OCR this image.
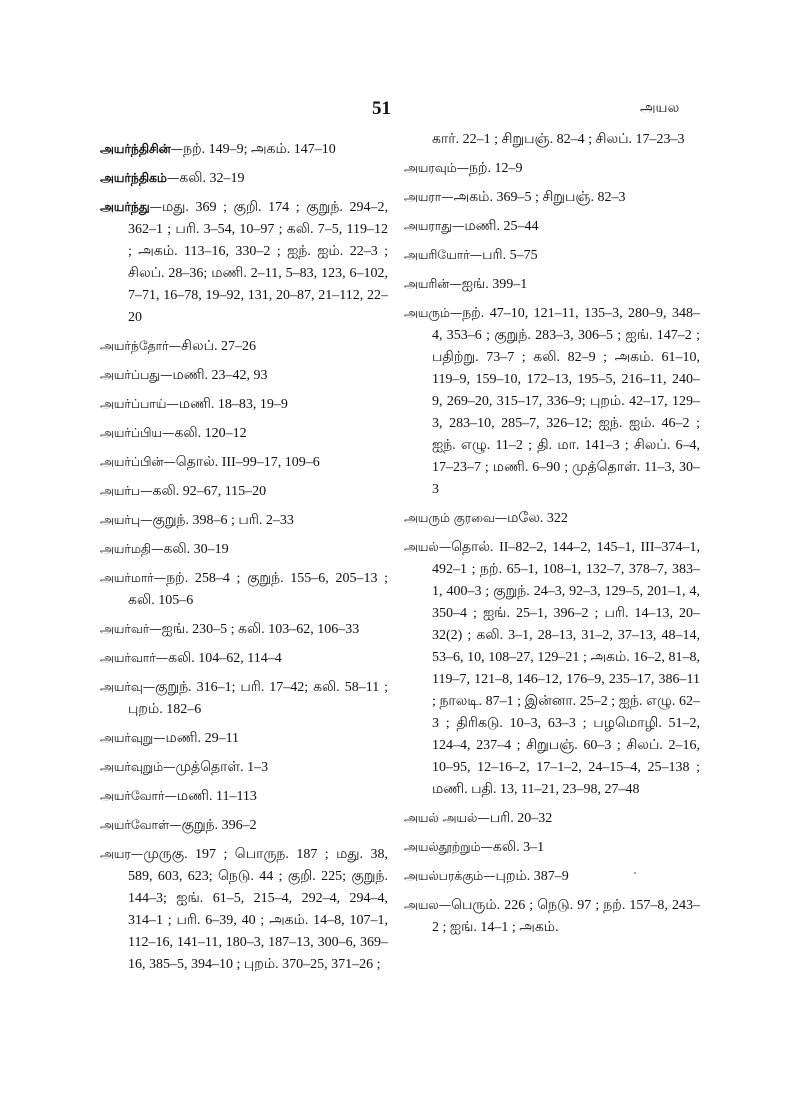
51	அயல
அயர்ந்திசின்—நற். 149–9; அகம். 147–10
அயர்ந்திகம்—கலி. 32–19
அயர்ந்து—மது. 369 ; குறி. 174 ; குறுந். 294–2, 362–1 ; பரி. 3–54, 10–97 ; கலி. 7–5, 119–12 ; அகம். 113–16, 330–2 ; ஐந். ஐம். 22–3 ; சிலப். 28–36; மணி. 2–11, 5–83, 123, 6–102, 7–71, 16–78, 19–92, 131, 20–87, 21–112, 22–20
அயர்ந்தோர்—சிலப். 27–26
அயர்ப்பது—மணி. 23–42, 93
அயர்ப்பாய்—மணி. 18–83, 19–9
அயர்ப்பிய—கலி. 120–12
அயர்ப்பின்—தொல். III–99–17, 109–6
அயர்ப—கலி. 92–67, 115–20
அயர்பு—குறுந். 398–6 ; பரி. 2–33
அயர்மதி—கலி. 30–19
அயர்மார்—நற். 258–4 ; குறுந். 155–6, 205–13 ; கலி. 105–6
அயர்வர்—ஐங். 230–5 ; கலி. 103–62, 106–33
அயர்வார்—கலி. 104–62, 114–4
அயர்வு—குறுந். 316–1; பரி. 17–42; கலி. 58–11 ; புறம். 182–6
அயர்வுறு—மணி. 29–11
அயர்வுறும்—முத்தொள். 1–3
அயர்வோர்—மணி. 11–113
அயர்வோள்—குறுந். 396–2
அயர—முருகு. 197 ; பொருந. 187 ; மது. 38, 589, 603, 623; நெடு. 44 ; குறி. 225; குறுந். 144–3; ஐங். 61–5, 215–4, 292–4, 294–4, 314–1 ; பரி. 6–39, 40 ; அகம். 14–8, 107–1, 112–16, 141–11, 180–3, 187–13, 300–6, 369–16, 385–5, 394–10 ; புறம். 370–25, 371–26 ;
கார். 22–1 ; சிறுபஞ். 82–4 ; சிலப். 17–23–3
அயரவும்—நற். 12–9
அயரா—அகம். 369–5 ; சிறுபஞ். 82–3
அயராது—மணி. 25–44
அயரியோர்—பரி. 5–75
அயரின்—ஐங். 399–1
அயரும்—நற். 47–10, 121–11, 135–3, 280–9, 348–4, 353–6 ; குறுந். 283–3, 306–5 ; ஐங். 147–2 ; பதிற்று. 73–7 ; கலி. 82–9 ; அகம். 61–10, 119–9, 159–10, 172–13, 195–5, 216–11, 240–9, 269–20, 315–17, 336–9; புறம். 42–17, 129–3, 283–10, 285–7, 326–12; ஐந். ஐம். 46–2 ; ஐந். எழு. 11–2 ; தி. மா. 141–3 ; சிலப். 6–4, 17–23–7 ; மணி. 6–90 ; முத்தொள். 11–3, 30–3
அயரும் குரவை—மலே. 322
அயல்—தொல். II–82–2, 144–2, 145–1, III–374–1, 492–1 ; நற். 65–1, 108–1, 132–7, 378–7, 383–1, 400–3 ; குறுந். 24–3, 92–3, 129–5, 201–1, 4, 350–4 ; ஐங். 25–1, 396–2 ; பரி. 14–13, 20–32(2) ; கலி. 3–1, 28–13, 31–2, 37–13, 48–14, 53–6, 10, 108–27, 129–21 ; அகம். 16–2, 81–8, 119–7, 121–8, 146–12, 176–9, 235–17, 386–11 ; நாலடி. 87–1 ; இன்னா. 25–2 ; ஐந். எழு. 62–3 ; திரிகடு. 10–3, 63–3 ; பழமொழி. 51–2, 124–4, 237–4 ; சிறுபஞ். 60–3 ; சிலப். 2–16, 10–95, 12–16–2, 17–1–2, 24–15–4, 25–138 ; மணி. பதி. 13, 11–21, 23–98, 27–48
அயல் அயல்—பரி. 20–32
அயல்தூற்றும்—கலி. 3–1
அயல்பரக்கும்—புறம். 387–9
அயல—பெரும். 226 ; நெடு. 97 ; நற். 157–8, 243–2 ; ஐங். 14–1 ; அகம்.
